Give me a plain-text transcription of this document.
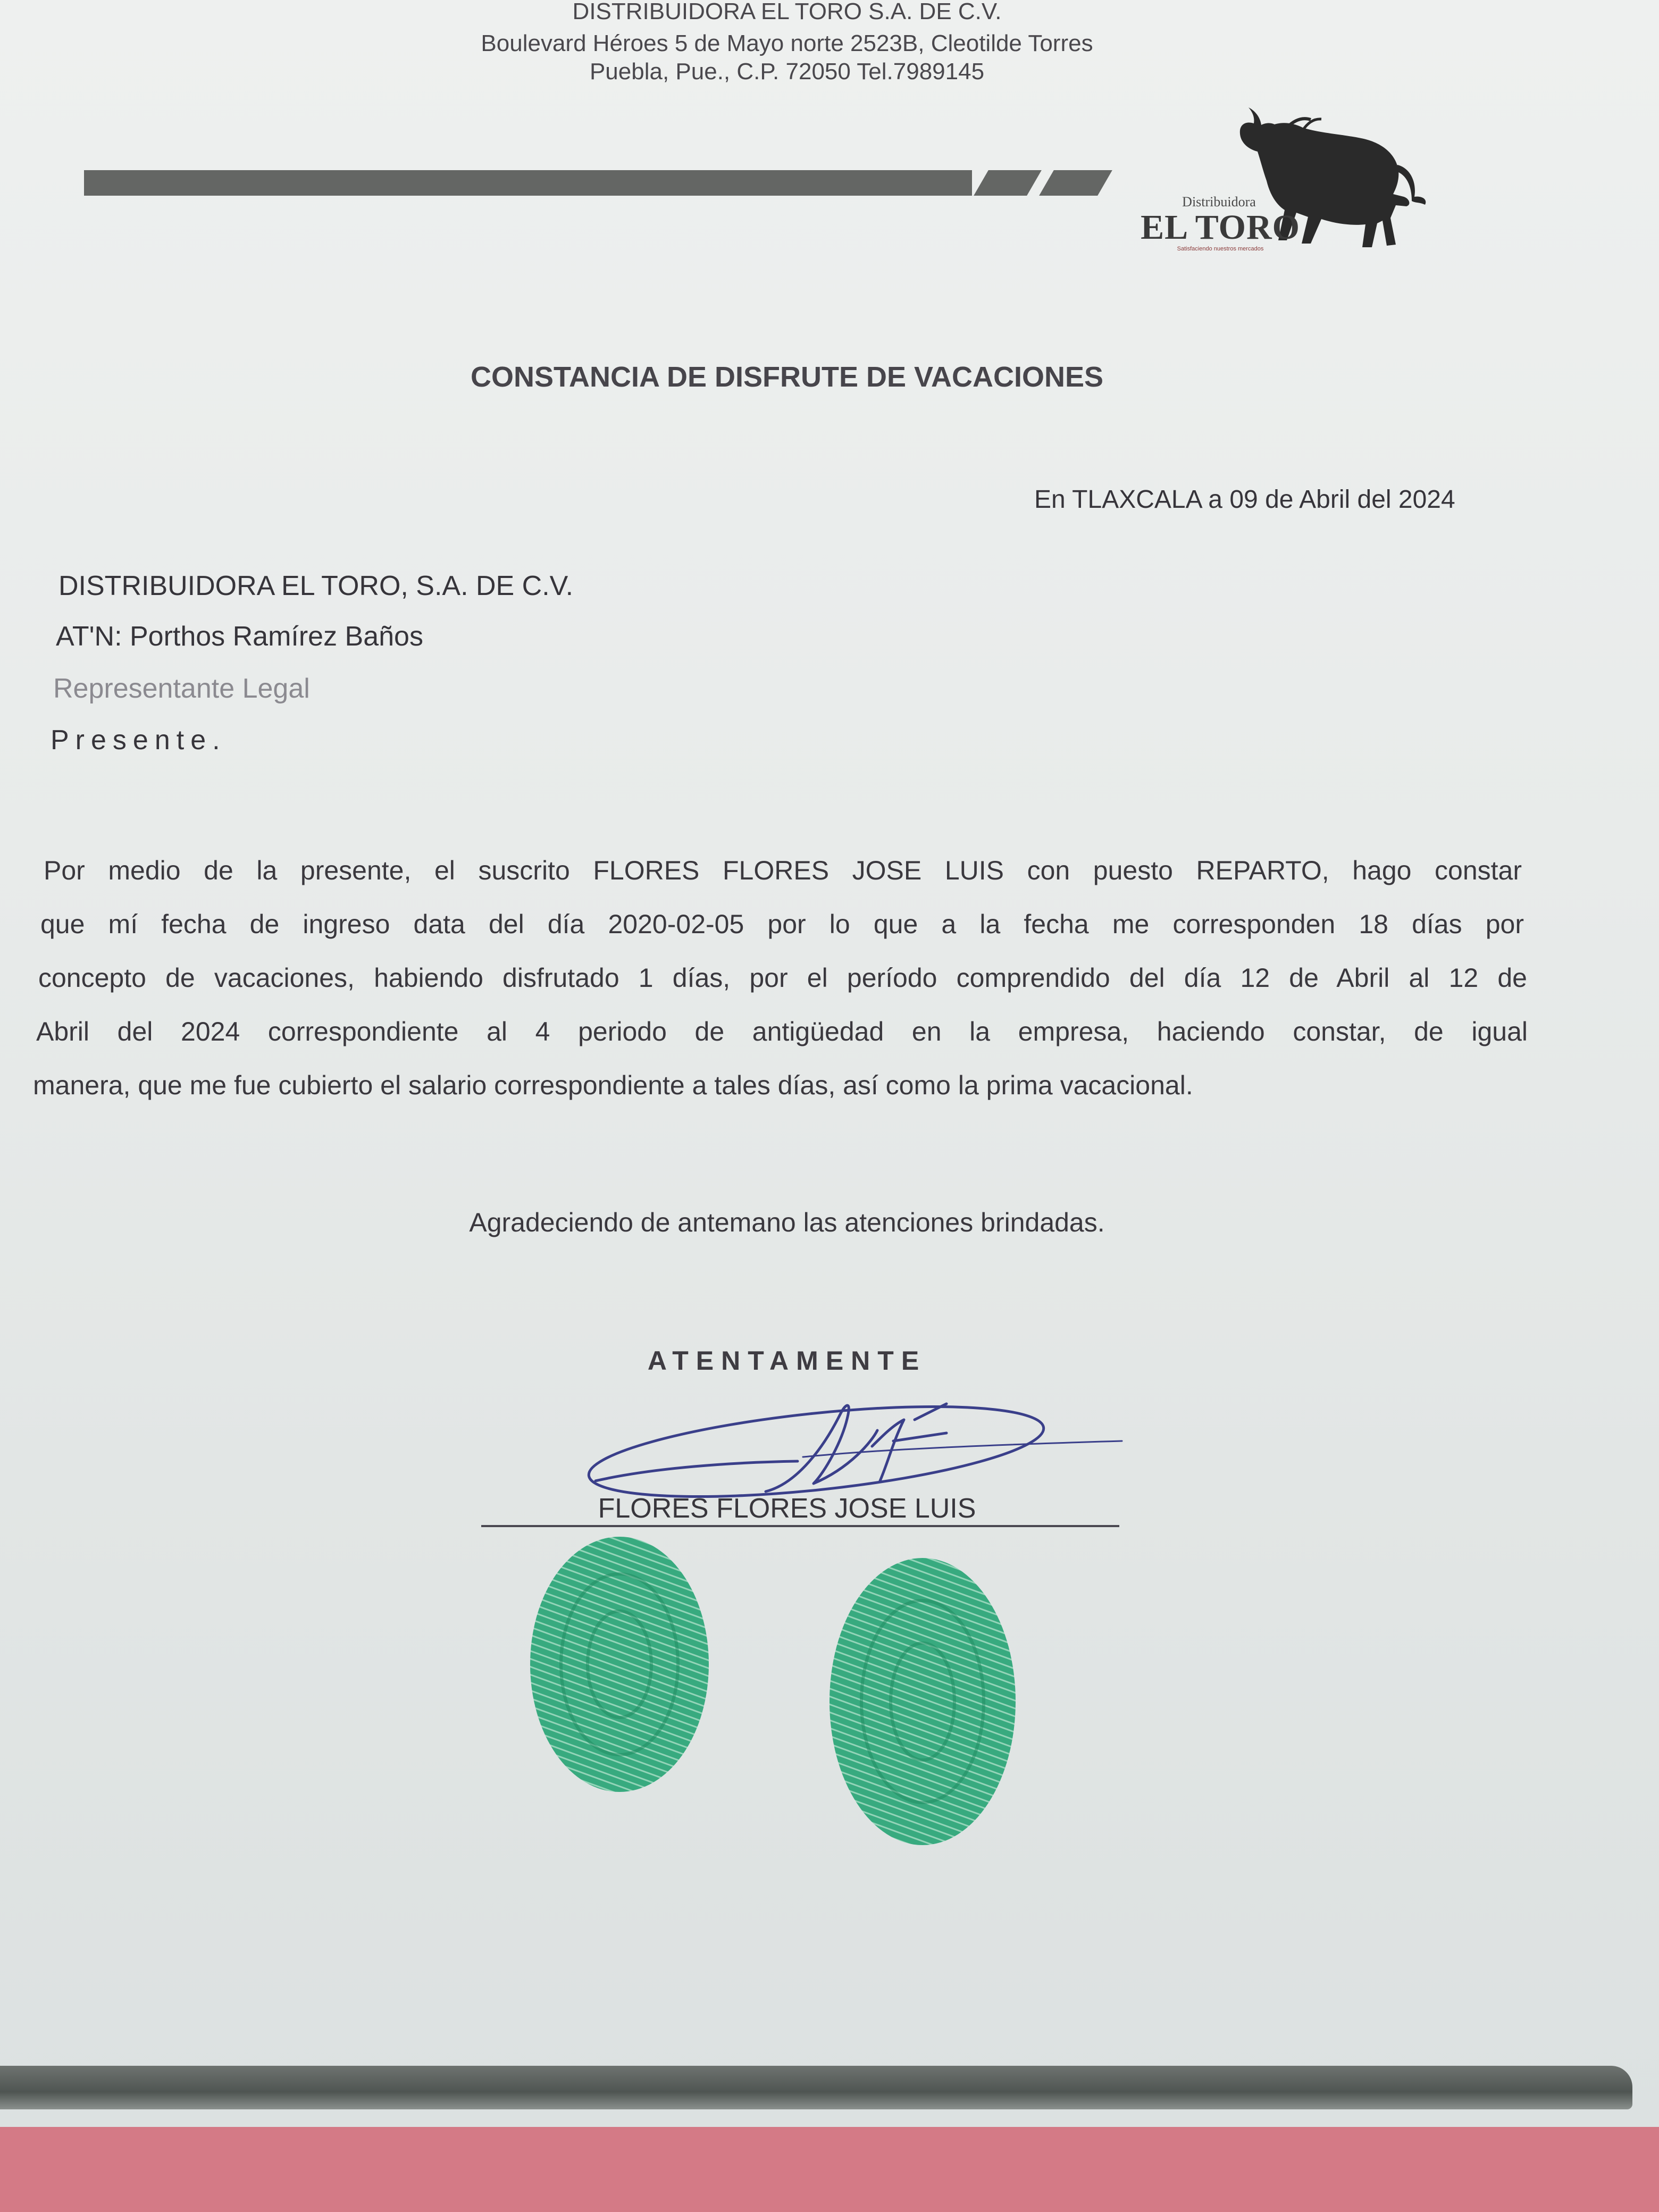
DISTRIBUIDORA EL TORO S.A. DE C.V.
Boulevard Héroes 5 de Mayo norte 2523B, Cleotilde Torres
Puebla, Pue., C.P. 72050 Tel.7989145
Distribuidora
EL TORO
Satisfaciendo nuestros mercados
CONSTANCIA DE DISFRUTE DE VACACIONES
En TLAXCALA a 09 de Abril del 2024
DISTRIBUIDORA EL TORO, S.A. DE C.V.
AT'N: Porthos Ramírez Baños
Representante Legal
Presente.
Por medio de la presente, el suscrito FLORES FLORES JOSE LUIS con puesto REPARTO, hago constar
que mí fecha de ingreso data del día 2020-02-05 por lo que a la fecha me corresponden 18 días por
concepto de vacaciones, habiendo disfrutado 1 días, por el período comprendido del día 12 de Abril al 12 de
Abril del 2024 correspondiente al 4 periodo de antigüedad en la empresa, haciendo constar, de igual
manera, que me fue cubierto el salario correspondiente a tales días, así como la prima vacacional.
Agradeciendo de antemano las atenciones brindadas.
ATENTAMENTE
FLORES FLORES JOSE LUIS
